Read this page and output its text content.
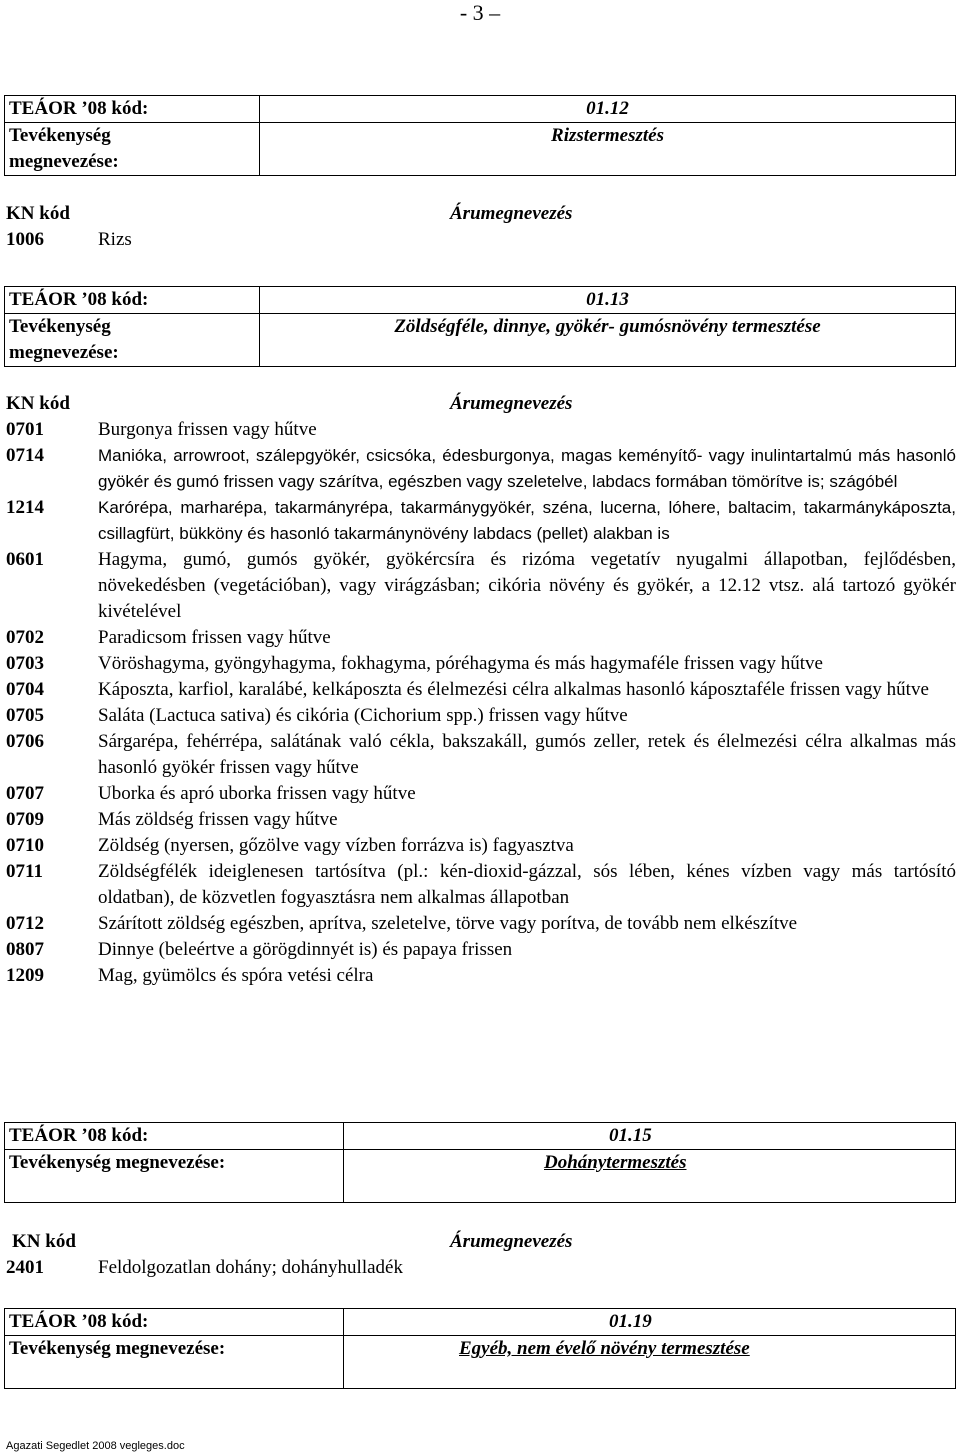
- 3 –
TEÁOR ’08 kód:	01.12
Tevékenység
megnevezése:	Rizstermesztés
KN kód	Árumegnevezés
1006	Rizs
TEÁOR ’08 kód:	01.13
Tevékenység
megnevezése:	Zöldségféle, dinnye, gyökér- gumósnövény termesztése
KN kód	Árumegnevezés
0701	Burgonya frissen vagy hűtve
0714	Manióka, arrowroot, szálepgyökér, csicsóka, édesburgonya, magas keményítő- vagy inulintartalmú más hasonló gyökér és gumó frissen vagy szárítva, egészben vagy szeletelve, labdacs formában tömörítve is; szágóbél
1214	Karórépa, marharépa, takarmányrépa, takarmánygyökér, széna, lucerna, lóhere, baltacim, takarmánykáposzta, csillagfürt, bükköny és hasonló takarmánynövény labdacs (pellet) alakban is
0601	Hagyma, gumó, gumós gyökér, gyökércsíra és rizóma vegetatív nyugalmi állapotban, fejlődésben, növekedésben (vegetációban), vagy virágzásban; cikória növény és gyökér, a 12.12 vtsz. alá tartozó gyökér kivételével
0702	Paradicsom frissen vagy hűtve
0703	Vöröshagyma, gyöngyhagyma, fokhagyma, póréhagyma és más hagymaféle frissen vagy hűtve
0704	Káposzta, karfiol, karalábé, kelkáposzta és élelmezési célra alkalmas hasonló káposztaféle frissen vagy hűtve
0705	Saláta (Lactuca sativa) és cikória (Cichorium spp.) frissen vagy hűtve
0706	Sárgarépa, fehérrépa, salátának való cékla, bakszakáll, gumós zeller, retek és élelmezési célra alkalmas más hasonló gyökér frissen vagy hűtve
0707	Uborka és apró uborka frissen vagy hűtve
0709	Más zöldség frissen vagy hűtve
0710	Zöldség (nyersen, gőzölve vagy vízben forrázva is) fagyasztva
0711	Zöldségfélék ideiglenesen tartósítva (pl.: kén-dioxid-gázzal, sós lében, kénes vízben vagy más tartósító oldatban), de közvetlen fogyasztásra nem alkalmas állapotban
0712	Szárított zöldség egészben, aprítva, szeletelve, törve vagy porítva, de tovább nem elkészítve
0807	Dinnye (beleértve a görögdinnyét is) és papaya frissen
1209	Mag, gyümölcs és spóra vetési célra
TEÁOR ’08 kód:	01.15
Tevékenység megnevezése:	Dohánytermesztés
KN kód	Árumegnevezés
2401	Feldolgozatlan dohány; dohányhulladék
TEÁOR ’08 kód:	01.19
Tevékenység megnevezése:	Egyéb, nem évelő növény termesztése
Agazati Segedlet 2008 vegleges.doc
